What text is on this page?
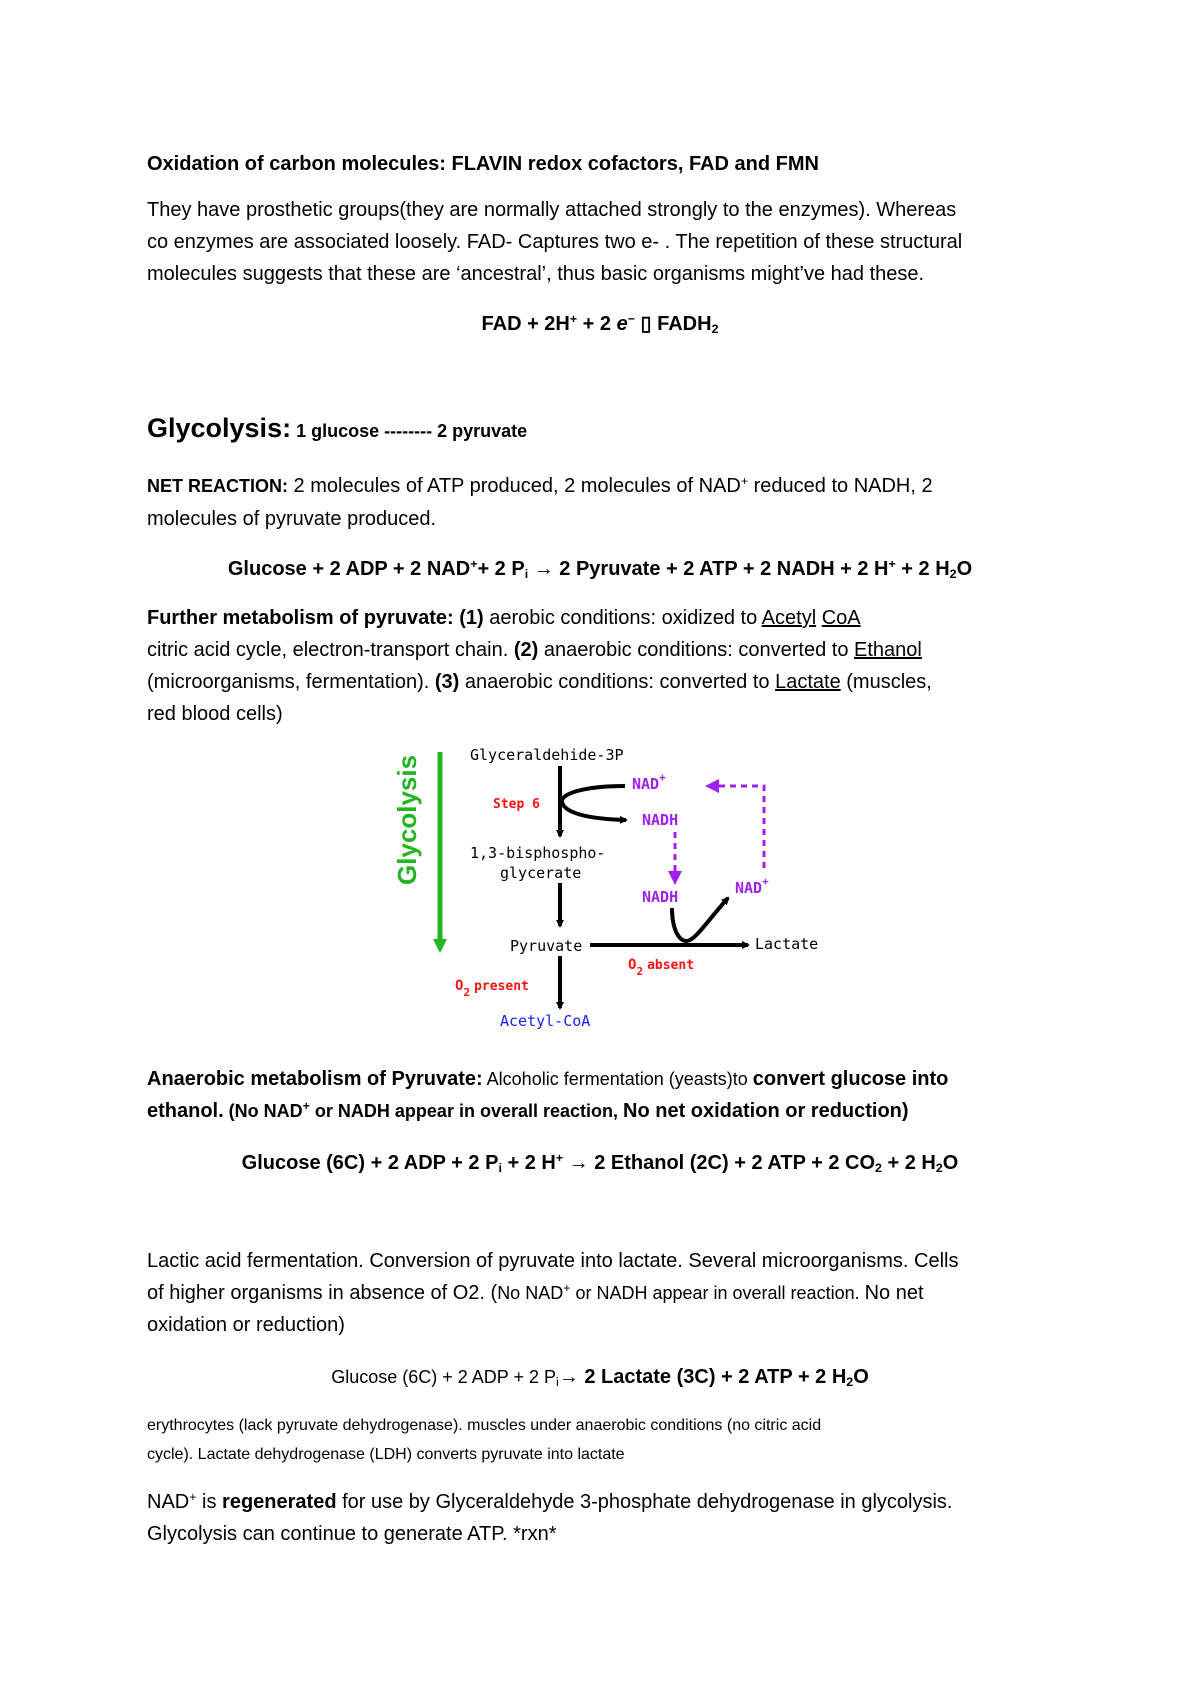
Oxidation of carbon molecules: FLAVIN redox cofactors, FAD and FMN
They have prosthetic groups(they are normally attached strongly to the enzymes). Whereas
co enzymes are associated loosely. FAD- Captures two e- . The repetition of these structural
molecules suggests that these are ‘ancestral’, thus basic organisms might’ve had these.
FAD + 2H+ + 2 e− ▯ $FADH_2$
Glycolysis: 1 glucose -------- 2 pyruvate
NET REACTION: 2 molecules of ATP produced, 2 molecules of NAD+ reduced to NADH, 2
molecules of pyruvate produced.
Glucose + 2 ADP + 2 NAD++ 2 $P_i \to 2$ Pyruvate + 2 ATP + 2 NADH + 2 H+ + 2 $H_2O$
Further metabolism of pyruvate: (1) aerobic conditions: oxidized to Acetyl CoA
citric acid cycle, electron-transport chain. (2) anaerobic conditions: converted to Ethanol
(microorganisms, fermentation). (3) anaerobic conditions: converted to Lactate (muscles,
red blood cells)
Glycolysis	Glyceraldehide-3P
Step 6
1,3-bisphospho-
glycerate
Pyruvate	Lactate
Acetyl-CoA
NAD+
NADH
NADH	NAD+
$O_2$ absent
$O_2$ present
Anaerobic metabolism of Pyruvate: Alcoholic fermentation (yeasts)to convert glucose into
ethanol. (No NAD+ or NADH appear in overall reaction, No net oxidation or reduction)
Glucose (6C) + 2 ADP + 2 $P_i + 2$ H+ → 2 Ethanol (2C) + 2 ATP + 2 $CO_2 + 2$ $H_2O$
Lactic acid fermentation. Conversion of pyruvate into lactate. Several microorganisms. Cells
of higher organisms in absence of O2. (No NAD+ or NADH appear in overall reaction. No net
oxidation or reduction)
Glucose (6C) + 2 ADP + 2 $P_i\to 2$ Lactate (3C) + 2 ATP + 2 $H_2O$
erythrocytes (lack pyruvate dehydrogenase). muscles under anaerobic conditions (no citric acid
cycle). Lactate dehydrogenase (LDH) converts pyruvate into lactate
NAD+ is regenerated for use by Glyceraldehyde 3-phosphate dehydrogenase in glycolysis.
Glycolysis can continue to generate ATP. *rxn*
